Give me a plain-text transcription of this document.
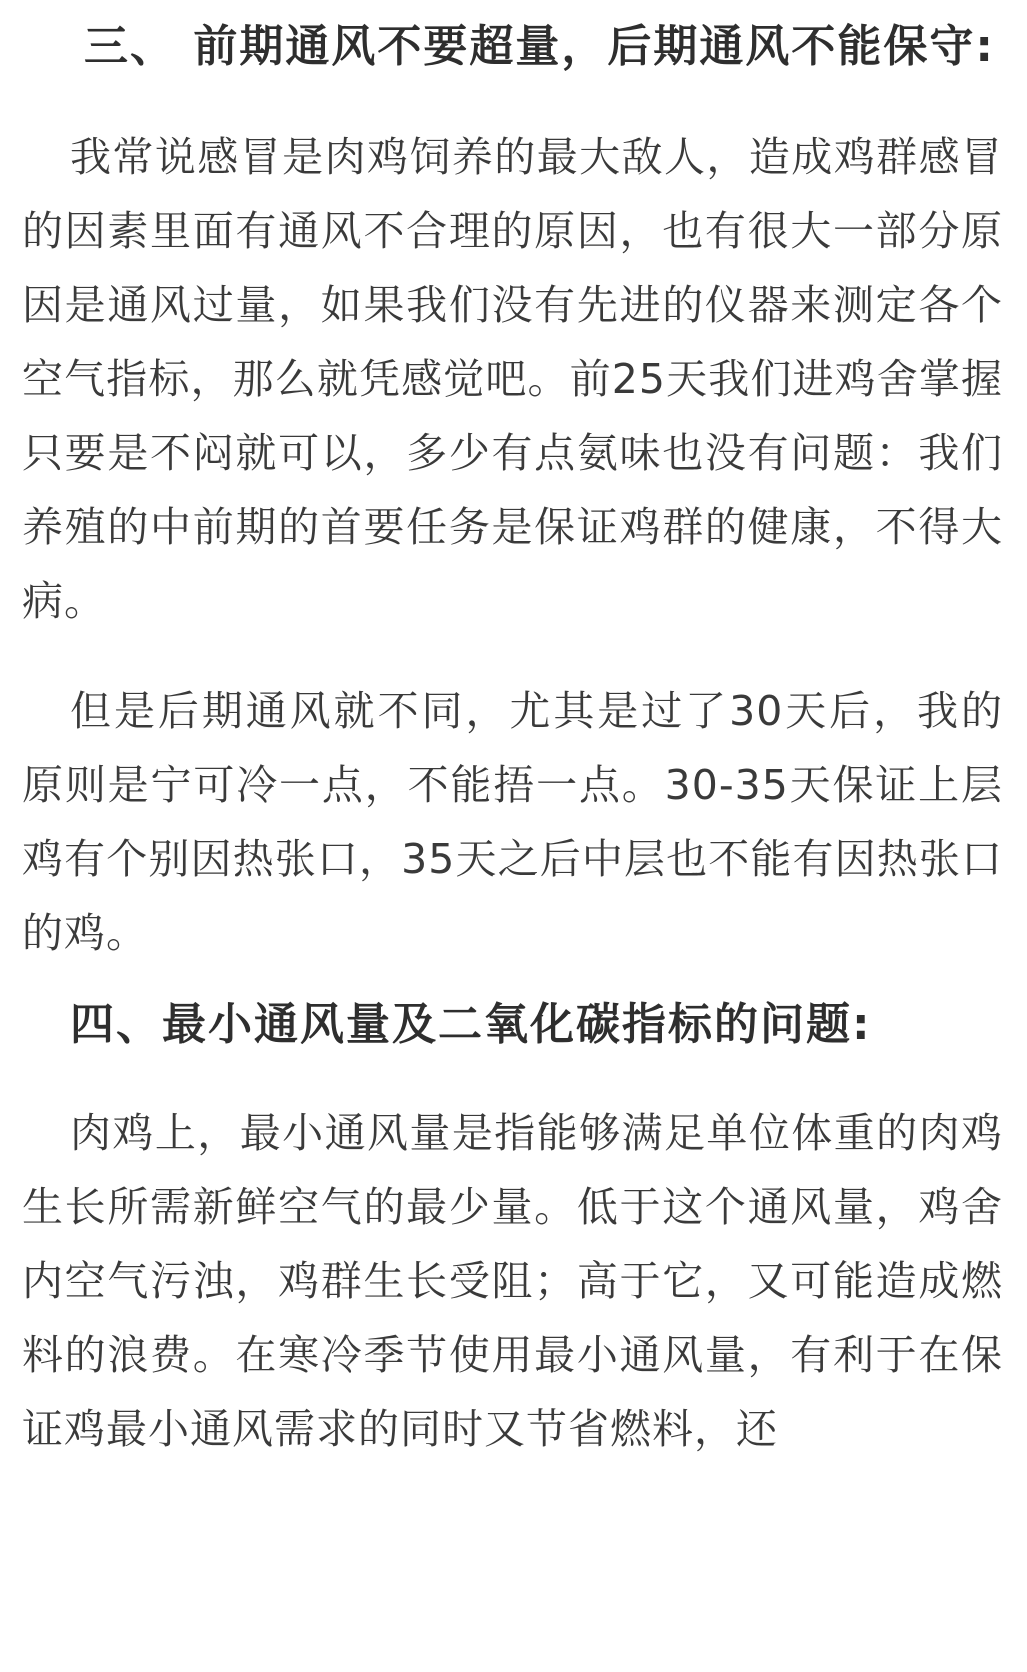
三、 前期通风不要超量，后期通风不能保守:

我常说感冒是肉鸡饲养的最大敌人，造成鸡群感冒的因素里面有通风不合理的原因，也有很大一部分原因是通风过量，如果我们没有先进的仪器来测定各个空气指标，那么就凭感觉吧。前25天我们进鸡舍掌握只要是不闷就可以，多少有点氨味也没有问题：我们养殖的中前期的首要任务是保证鸡群的健康，不得大病。

但是后期通风就不同，尤其是过了30天后，我的原则是宁可冷一点，不能捂一点。30-35天保证上层鸡有个别因热张口，35天之后中层也不能有因热张口的鸡。

四、最小通风量及二氧化碳指标的问题:

肉鸡上，最小通风量是指能够满足单位体重的肉鸡生长所需新鲜空气的最少量。低于这个通风量，鸡舍内空气污浊，鸡群生长受阻；高于它，又可能造成燃料的浪费。在寒冷季节使用最小通风量，有利于在保证鸡最小通风需求的同时又节省燃料，还
